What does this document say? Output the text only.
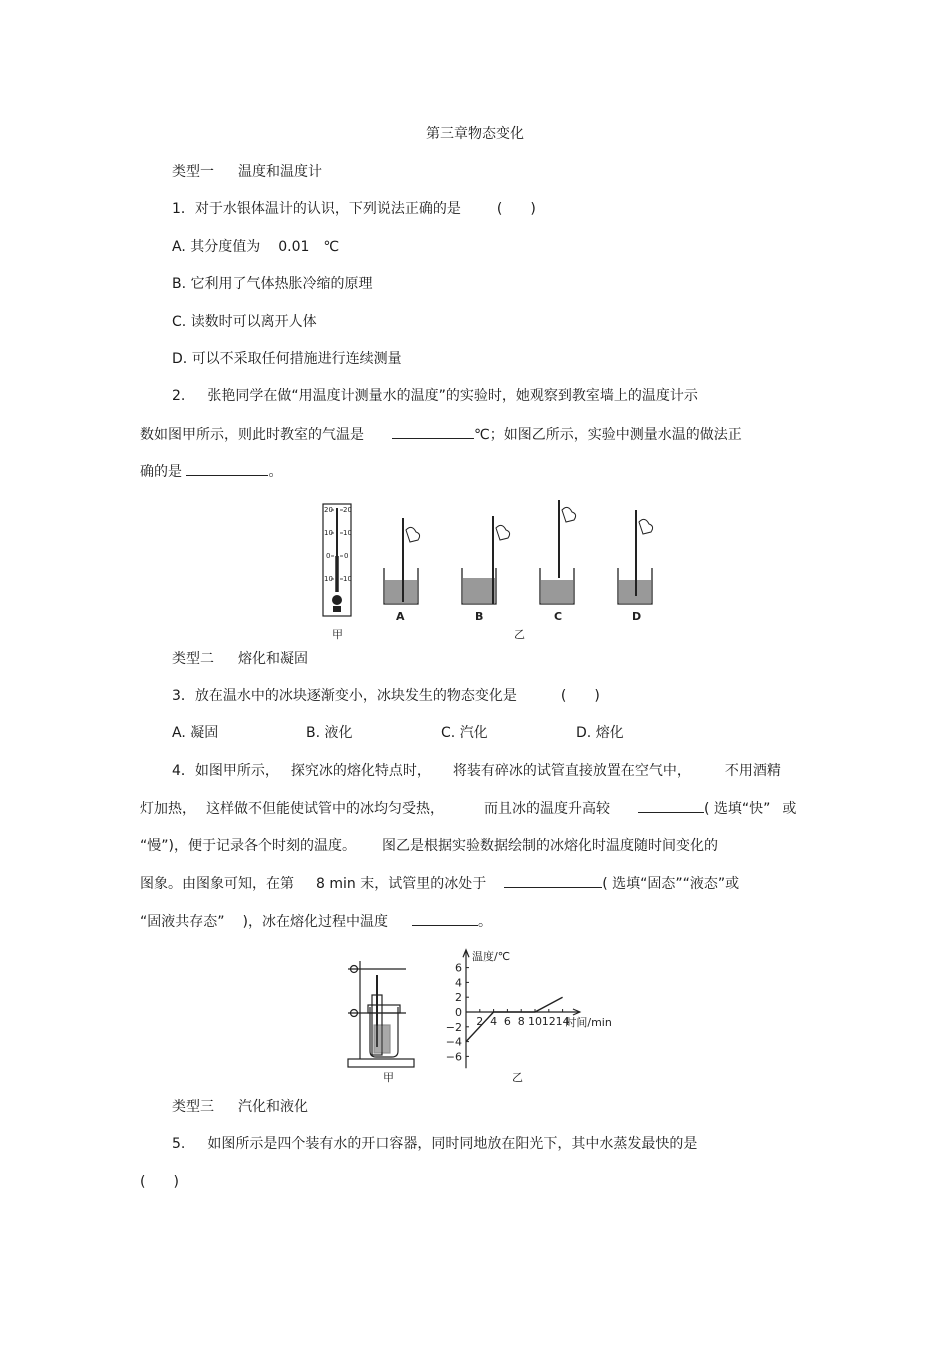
第三章物态变化
类型一 温度和温度计
1．对于水银体温计的认识，下列说法正确的是	(　　)
A. 其分度值为 0.01 ℃
B. 它利用了气体热胀冷缩的原理
C. 读数时可以离开人体
D. 可以不采取任何措施进行连续测量
2. 张艳同学在做“用温度计测量水的温度”的实验时，她观察到教室墙上的温度计示
数如图甲所示，则此时教室的气温是	℃；如图乙所示，实验中测量水温的做法正
确的是	。
20 20
10 10
0 0
10 10
甲
A	B	C	D
乙
类型二 熔化和凝固
3．放在温水中的冰块逐渐变小，冰块发生的物态变化是	(　　)
A. 凝固	B. 液化	C. 汽化	D. 熔化
4．如图甲所示， 探究冰的熔化特点时， 将装有碎冰的试管直接放置在空气中， 不用酒精
灯加热， 这样做不但能使试管中的冰均匀受热，	而且冰的温度升高较	( 选填“快” 或
“慢”)，便于记录各个时刻的温度。 图乙是根据实验数据绘制的冰熔化时温度随时间变化的
图象。由图象可知，在第 8 min 末，试管里的冰处于	( 选填“固态”“液态”或
“固液共存态” )，冰在熔化过程中温度	。
甲
6
4
2
0
−2
−4
−6
2 4 6 8 10 12 14
温度/℃
时间/min
乙
类型三 汽化和液化
5. 如图所示是四个装有水的开口容器，同时同地放在阳光下，其中水蒸发最快的是
(　　)
